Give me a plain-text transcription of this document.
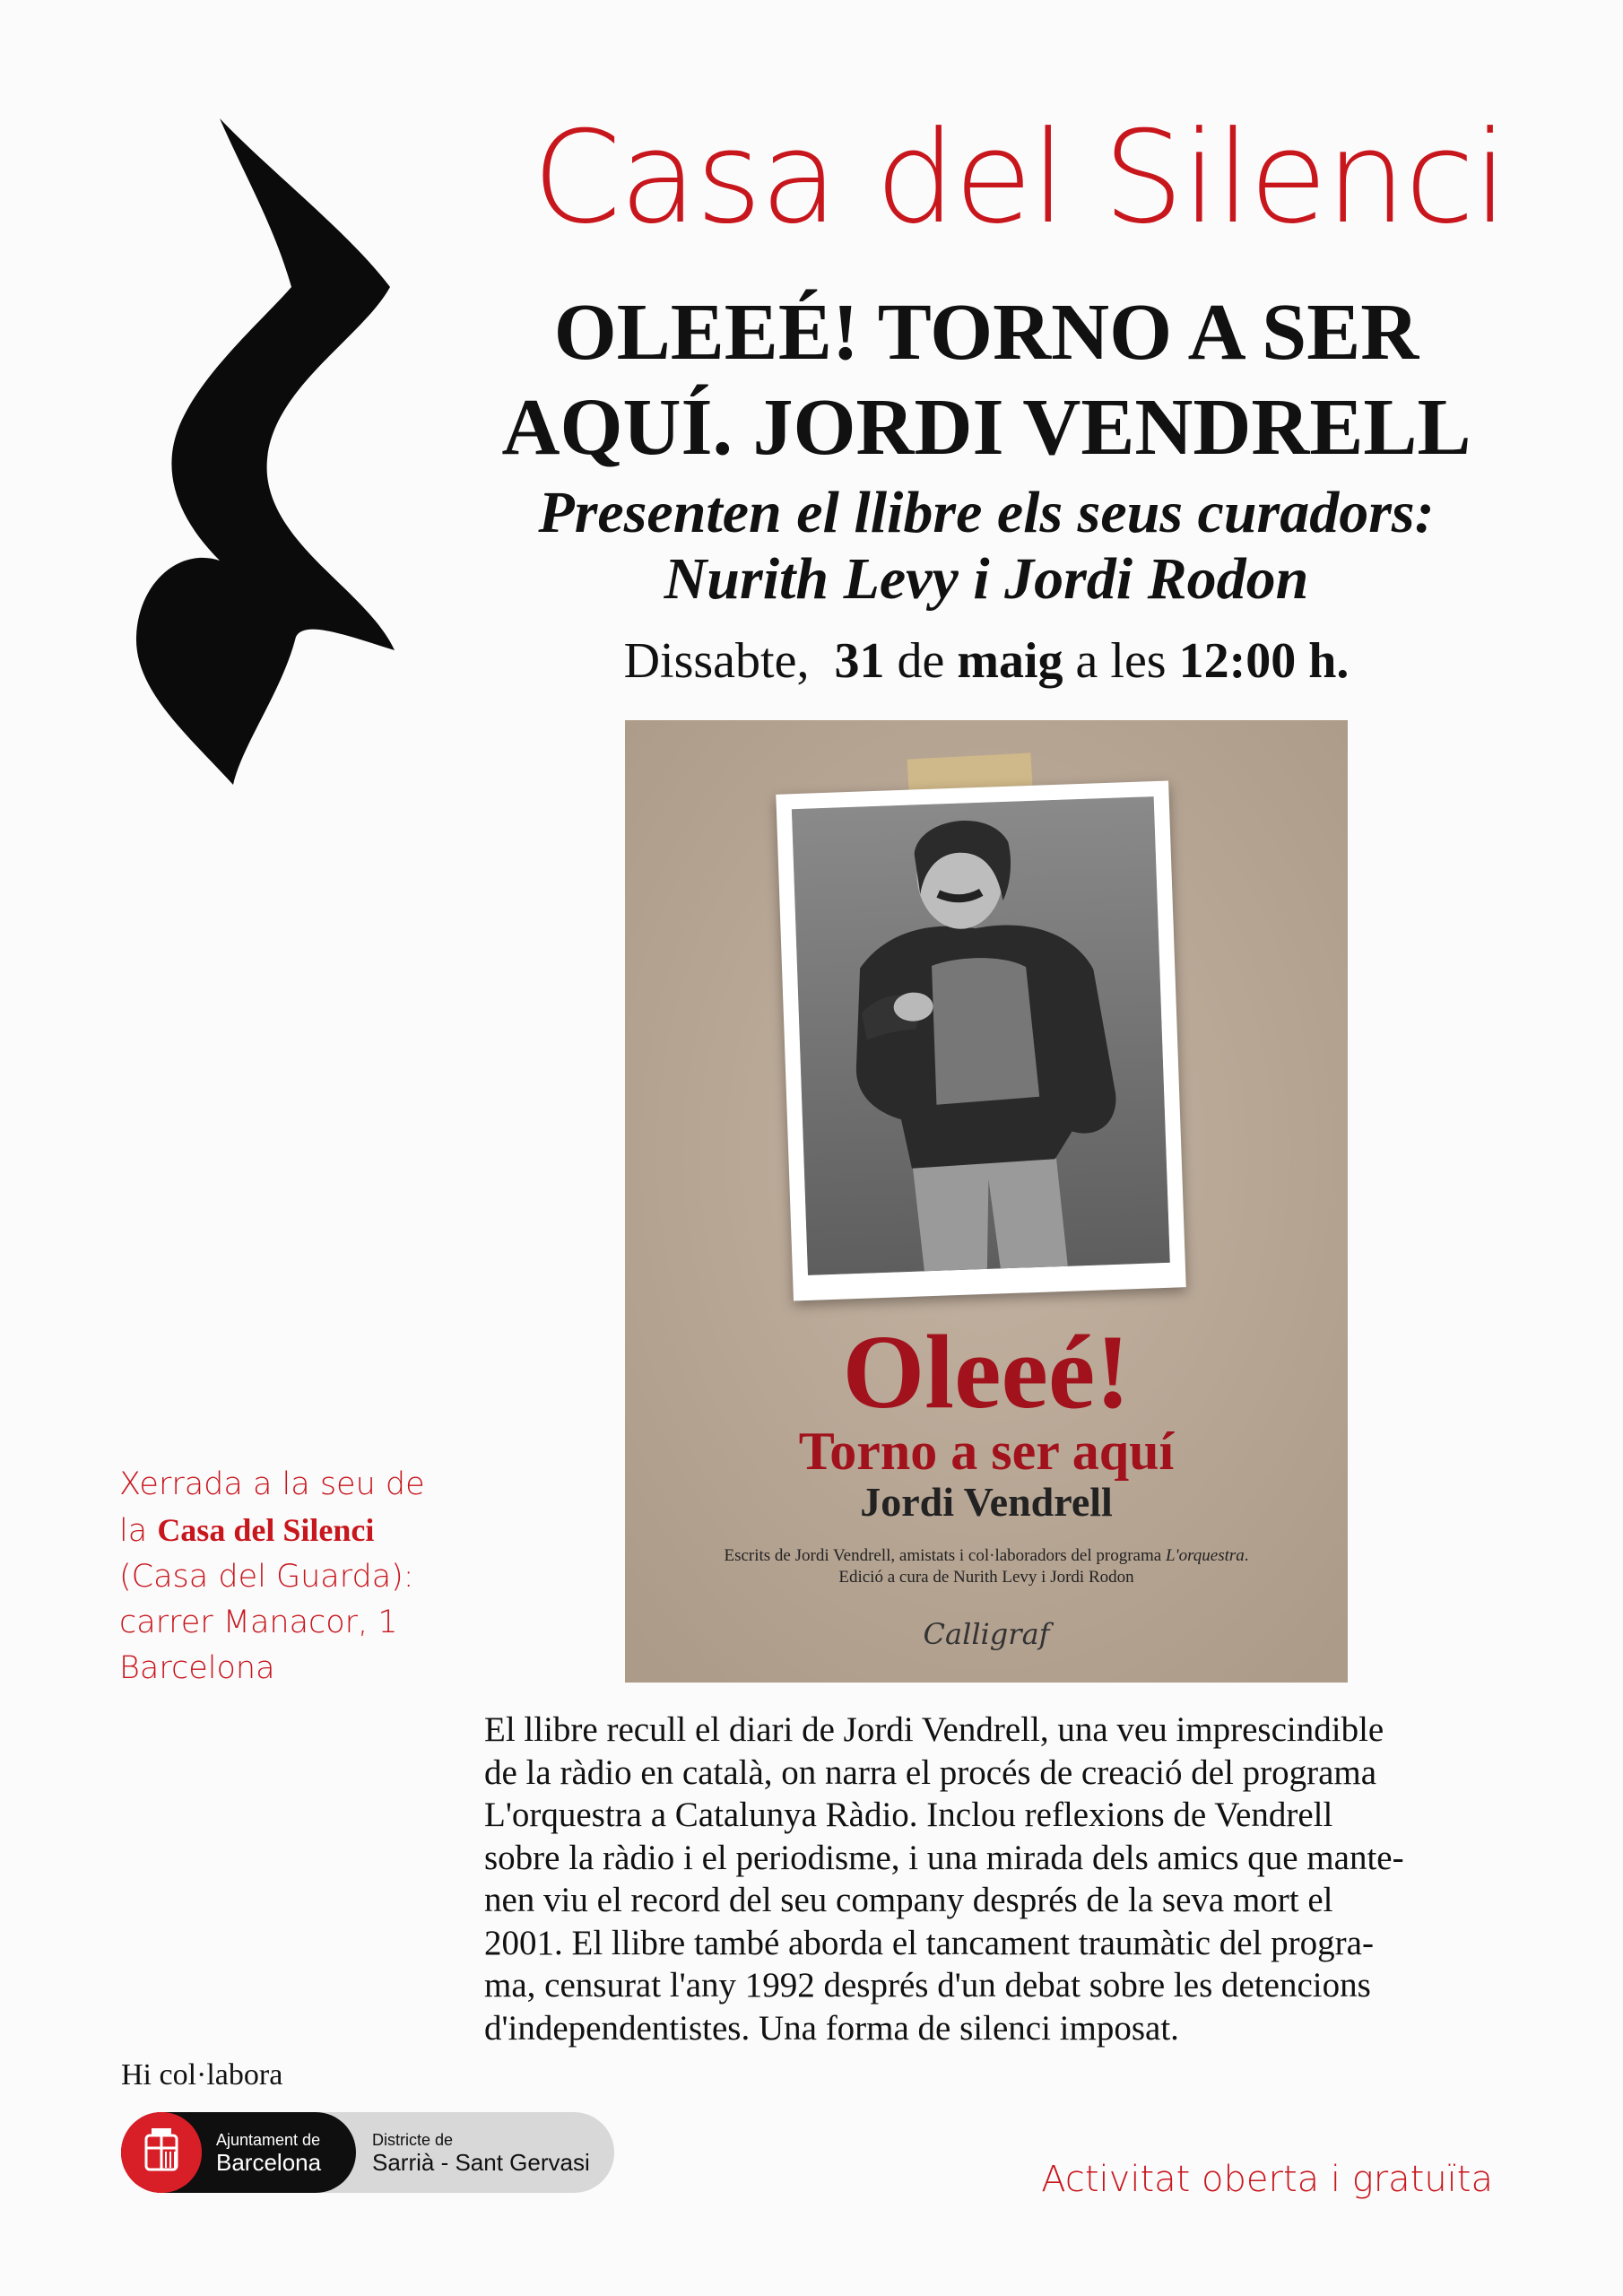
Casa del Silenci
OLEEÉ! TORNO A SER
AQUÍ. JORDI VENDRELL
Presenten el llibre els seus curadors:
Nurith Levy i Jordi Rodon
Dissabte, 31 de maig a les 12:00 h.
Oleeé!
Torno a ser aquí
Jordi Vendrell
Escrits de Jordi Vendrell, amistats i col·laboradors del programa L'orquestra.
Edició a cura de Nurith Levy i Jordi Rodon
Calligraf
Xerrada a la seu de
la Casa del Silenci
(Casa del Guarda):
carrer Manacor, 1
Barcelona
El llibre recull el diari de Jordi Vendrell, una veu imprescindible
de la ràdio en català, on narra el procés de creació del programa
L'orquestra a Catalunya Ràdio. Inclou reflexions de Vendrell
sobre la ràdio i el periodisme, i una mirada dels amics que mante-
nen viu el record del seu company després de la seva mort el
2001. El llibre també aborda el tancament traumàtic del progra-
ma, censurat l'any 1992 després d'un debat sobre les detencions
d'independentistes. Una forma de silenci imposat.
Hi col·labora
Ajuntament de
Barcelona
Districte de
Sarrià - Sant Gervasi	Activitat oberta i gratuïta
